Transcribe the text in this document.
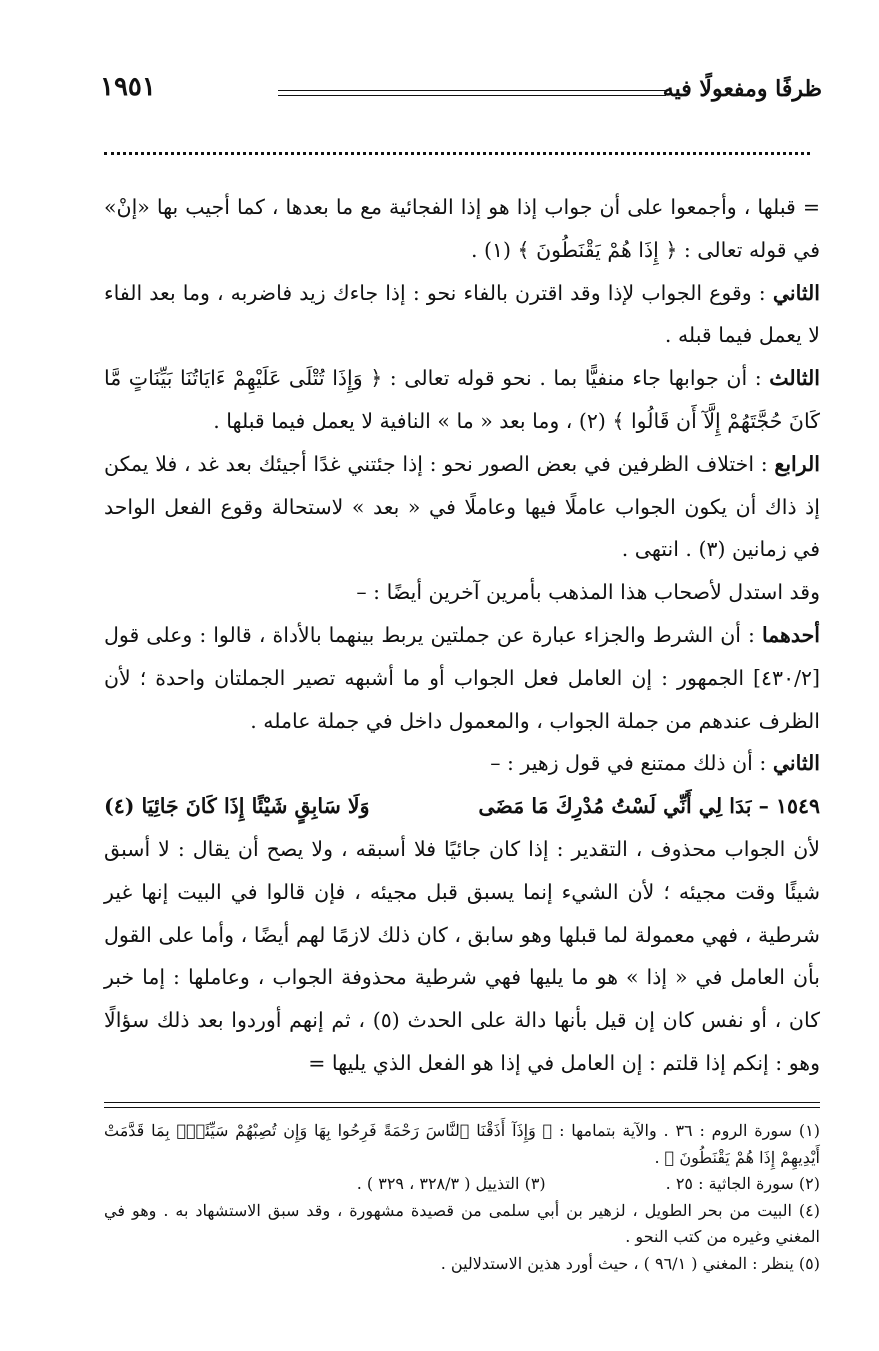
ظرفًا ومفعولًا فيه
١٩٥١

= قبلها ، وأجمعوا على أن جواب إذا هو إذا الفجائية مع ما بعدها ، كما أجيب بها «إنْ» في قوله تعالى : ﴿ إِذَا هُمْ يَقْنَطُونَ ﴾ (١) .

الثاني : وقوع الجواب لإذا وقد اقترن بالفاء نحو : إذا جاءك زيد فاضربه ، وما بعد الفاء لا يعمل فيما قبله .

الثالث : أن جوابها جاء منفيًّا بما . نحو قوله تعالى : ﴿ وَإِذَا تُتْلَى عَلَيْهِمْ ءَايَاتُنَا بَيِّنَاتٍ مَّا كَانَ حُجَّتَهُمْ إِلَّآ أَن قَالُوا ﴾ (٢) ، وما بعد « ما » النافية لا يعمل فيما قبلها .

الرابع : اختلاف الظرفين في بعض الصور نحو : إذا جئتني غدًا أجيئك بعد غد ، فلا يمكن إذ ذاك أن يكون الجواب عاملًا فيها وعاملًا في « بعد » لاستحالة وقوع الفعل الواحد في زمانين (٣) . انتهى .

وقد استدل لأصحاب هذا المذهب بأمرين آخرين أيضًا : –

أحدهما : أن الشرط والجزاء عبارة عن جملتين يربط بينهما بالأداة ، قالوا : وعلى قول [٤٣٠/٢] الجمهور : إن العامل فعل الجواب أو ما أشبهه تصير الجملتان واحدة ؛ لأن الظرف عندهم من جملة الجواب ، والمعمول داخل في جملة عامله .

الثاني : أن ذلك ممتنع في قول زهير : –

١٥٤٩ – بَدَا لِي أَنِّي لَسْتُ مُدْرِكَ مَا مَضَى
وَلَا سَابِقٍ شَيْئًا إِذَا كَانَ جَائِيَا (٤)

لأن الجواب محذوف ، التقدير : إذا كان جائيًا فلا أسبقه ، ولا يصح أن يقال : لا أسبق شيئًا وقت مجيئه ؛ لأن الشيء إنما يسبق قبل مجيئه ، فإن قالوا في البيت إنها غير شرطية ، فهي معمولة لما قبلها وهو سابق ، كان ذلك لازمًا لهم أيضًا ، وأما على القول بأن العامل في « إذا » هو ما يليها فهي شرطية محذوفة الجواب ، وعاملها : إما خبر كان ، أو نفس كان إن قيل بأنها دالة على الحدث (٥) ، ثم إنهم أوردوا بعد ذلك سؤالًا وهو : إنكم إذا قلتم : إن العامل في إذا هو الفعل الذي يليها =

(١) سورة الروم : ٣٦ . والآية بتمامها : ﴿ وَإِذَآ أَذَقْنَا ٱلنَّاسَ رَحْمَةً فَرِحُوا بِهَا وَإِن تُصِبْهُمْ سَيِّئَةٌۢ بِمَا قَدَّمَتْ أَيْدِيهِمْ إِذَا هُمْ يَقْنَطُونَ ﴾ .

(٢) سورة الجاثية : ٢٥ .
(٣) التذييل ( ٣٢٨/٣ ، ٣٢٩ ) .

(٤) البيت من بحر الطويل ، لزهير بن أبي سلمى من قصيدة مشهورة ، وقد سبق الاستشهاد به . وهو في المغني وغيره من كتب النحو .

(٥) ينظر : المغني ( ٩٦/١ ) ، حيث أورد هذين الاستدلالين .
